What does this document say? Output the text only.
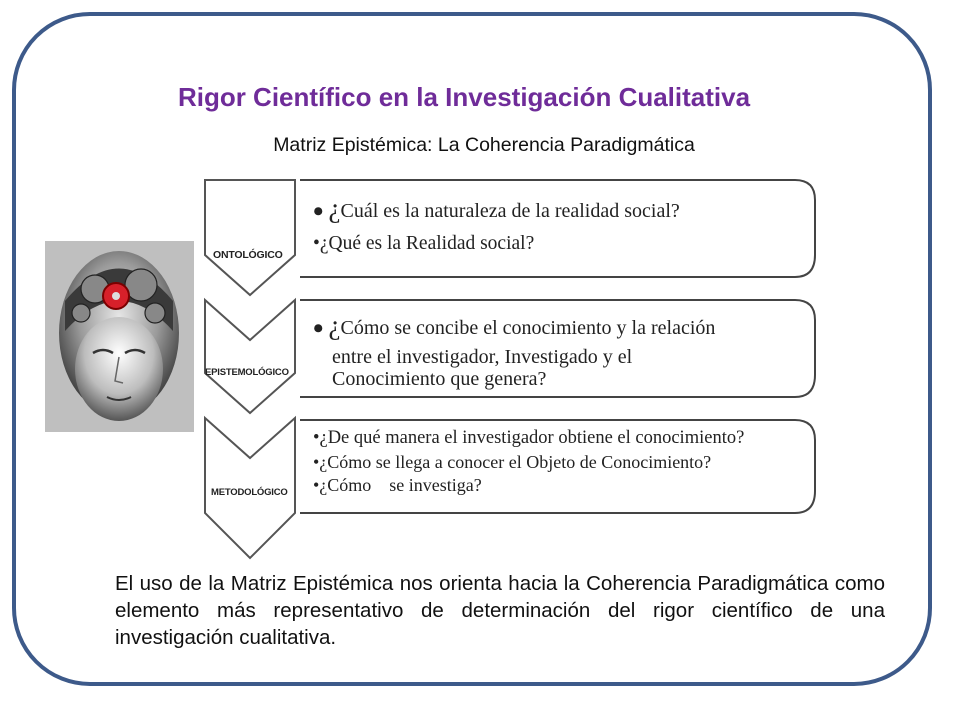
Rigor Científico en la Investigación Cualitativa
Matriz Epistémica: La Coherencia Paradigmática
ONTOLÓGICO
EPISTEMOLÓGICO
METODOLÓGICO
• ¿Cuál es la naturaleza de la realidad social?
•¿Qué es la Realidad social?
• ¿Cómo se concibe el conocimiento y la relación
entre el investigador, Investigado y el
Conocimiento que genera?
•¿De qué manera el investigador obtiene el conocimiento?
•¿Cómo se llega a conocer el Objeto de Conocimiento?
•¿Cómo    se investiga?
El uso de la Matriz Epistémica nos orienta hacia la Coherencia Paradigmática como elemento más representativo de determinación del rigor científico de una investigación cualitativa.
